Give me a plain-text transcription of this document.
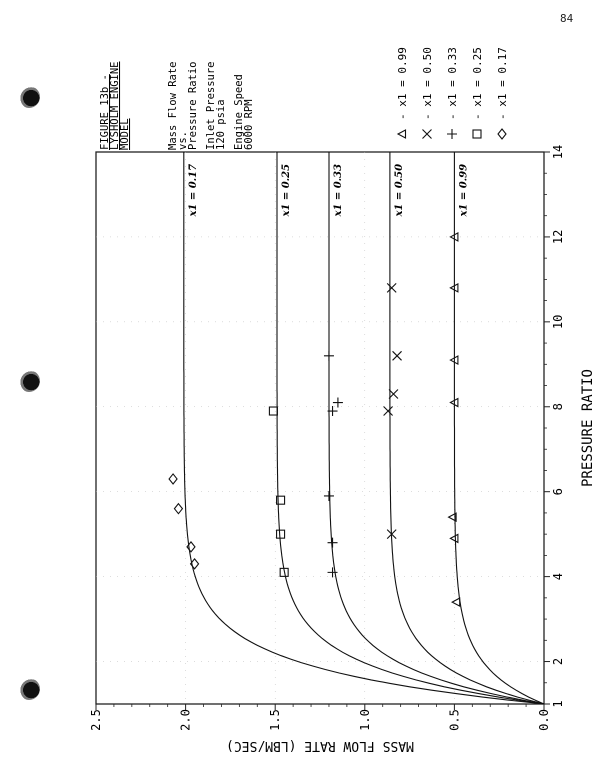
84
x1 = 0.99
x1 = 0.50
x1 = 0.33
x1 = 0.25
x1 = 0.17
1
2
4
6
8
10
12
14
0.0
0.5
1.0
1.5
2.0
2.5
PRESSURE RATIO
MASS FLOW RATE (LBM/SEC)
FIGURE 13b -
LYSHOLM ENGINE
MODEL	Mass Flow Rate
vs.
Pressure Ratio Inlet Pressure
120 psia Engine Speed
6000 RPM
- x1 = 0.99 - x1 = 0.50 - x1 = 0.33 - x1 = 0.25 - x1 = 0.17
